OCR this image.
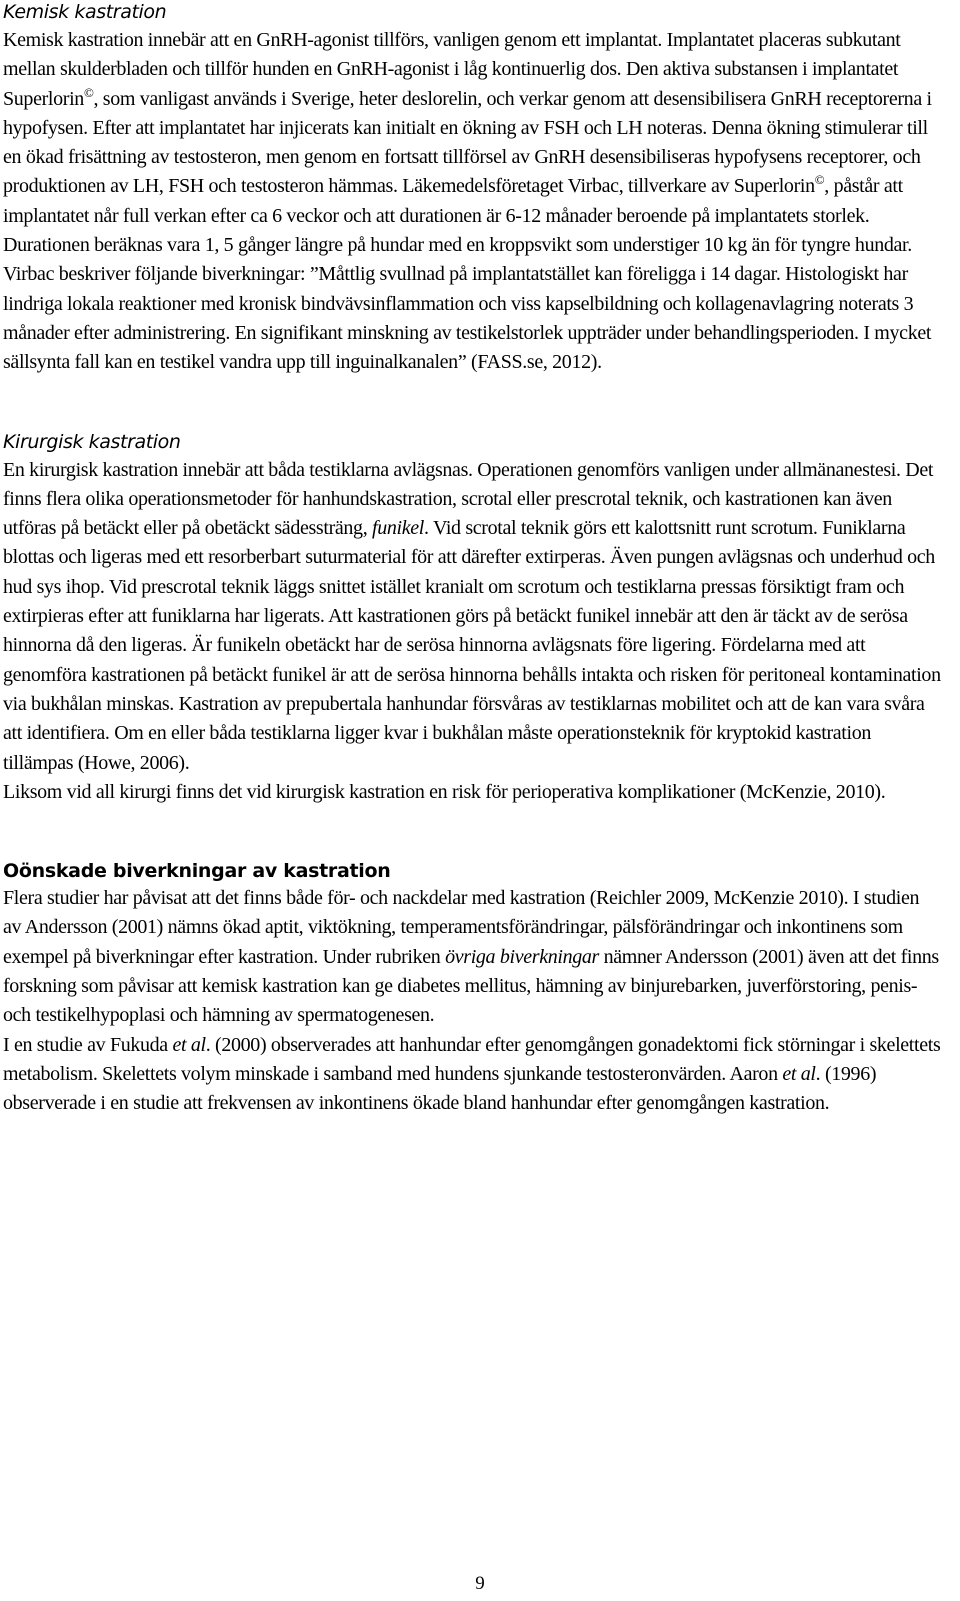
Kemisk kastration

Kemisk kastration innebär att en GnRH-agonist tillförs, vanligen genom ett implantat. Implantatet placeras subkutant mellan skulderbladen och tillför hunden en GnRH-agonist i låg kontinuerlig dos. Den aktiva substansen i implantatet Superlorin©, som vanligast används i Sverige, heter deslorelin, och verkar genom att desensibilisera GnRH receptorerna i hypofysen. Efter att implantatet har injicerats kan initialt en ökning av FSH och LH noteras. Denna ökning stimulerar till en ökad frisättning av testosteron, men genom en fortsatt tillförsel av GnRH desensibiliseras hypofysens receptorer, och produktionen av LH, FSH och testosteron hämmas. Läkemedelsföretaget Virbac, tillverkare av Superlorin©, påstår att implantatet når full verkan efter ca 6 veckor och att durationen är 6-12 månader beroende på implantatets storlek. Durationen beräknas vara 1, 5 gånger längre på hundar med en kroppsvikt som understiger 10 kg än för tyngre hundar. Virbac beskriver följande biverkningar: ”Måttlig svullnad på implantatstället kan föreligga i 14 dagar. Histologiskt har lindriga lokala reaktioner med kronisk bindvävsinflammation och viss kapselbildning och kollagenavlagring noterats 3 månader efter administrering. En signifikant minskning av testikelstorlek uppträder under behandlingsperioden. I mycket sällsynta fall kan en testikel vandra upp till inguinalkanalen” (FASS.se, 2012).

Kirurgisk kastration

En kirurgisk kastration innebär att båda testiklarna avlägsnas. Operationen genomförs vanligen under allmänanestesi. Det finns flera olika operationsmetoder för hanhundskastration, scrotal eller prescrotal teknik, och kastrationen kan även utföras på betäckt eller på obetäckt sädessträng, funikel. Vid scrotal teknik görs ett kalottsnitt runt scrotum. Funiklarna blottas och ligeras med ett resorberbart suturmaterial för att därefter extirperas. Även pungen avlägsnas och underhud och hud sys ihop. Vid prescrotal teknik läggs snittet istället kranialt om scrotum och testiklarna pressas försiktigt fram och extirpieras efter att funiklarna har ligerats. Att kastrationen görs på betäckt funikel innebär att den är täckt av de serösa hinnorna då den ligeras. Är funikeln obetäckt har de serösa hinnorna avlägsnats före ligering. Fördelarna med att genomföra kastrationen på betäckt funikel är att de serösa hinnorna behålls intakta och risken för peritoneal kontamination via bukhålan minskas. Kastration av prepubertala hanhundar försvåras av testiklarnas mobilitet och att de kan vara svåra att identifiera. Om en eller båda testiklarna ligger kvar i bukhålan måste operationsteknik för kryptokid kastration tillämpas (Howe, 2006).

Liksom vid all kirurgi finns det vid kirurgisk kastration en risk för perioperativa komplikationer (McKenzie, 2010).

Oönskade biverkningar av kastration

Flera studier har påvisat att det finns både för- och nackdelar med kastration (Reichler 2009, McKenzie 2010). I studien av Andersson (2001) nämns ökad aptit, viktökning, temperamentsförändringar, pälsförändringar och inkontinens som exempel på biverkningar efter kastration. Under rubriken övriga biverkningar nämner Andersson (2001) även att det finns forskning som påvisar att kemisk kastration kan ge diabetes mellitus, hämning av binjurebarken, juverförstoring, penis- och testikelhypoplasi och hämning av spermatogenesen.

I en studie av Fukuda et al. (2000) observerades att hanhundar efter genomgången gonadektomi fick störningar i skelettets metabolism. Skelettets volym minskade i samband med hundens sjunkande testosteronvärden. Aaron et al. (1996) observerade i en studie att frekvensen av inkontinens ökade bland hanhundar efter genomgången kastration.

9
